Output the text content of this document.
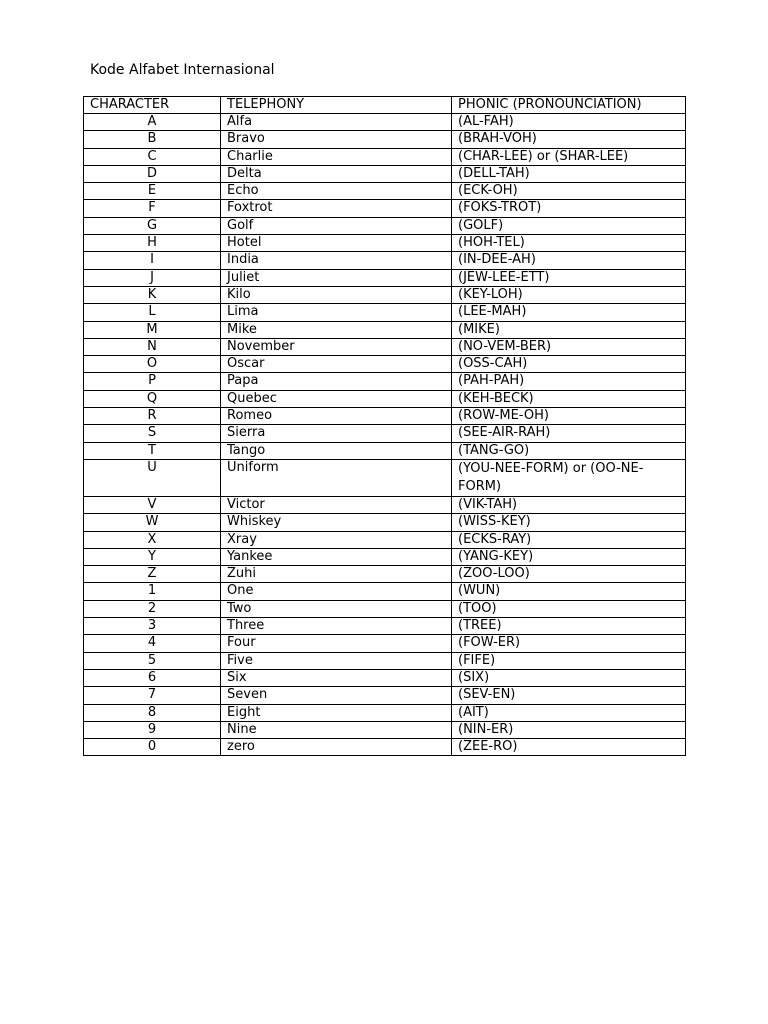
Kode Alfabet Internasional
CHARACTER	TELEPHONY	PHONIC (PRONOUNCIATION)
A	Alfa	(AL-FAH)
B	Bravo	(BRAH-VOH)
C	Charlie	(CHAR-LEE) or (SHAR-LEE)
D	Delta	(DELL-TAH)
E	Echo	(ECK-OH)
F	Foxtrot	(FOKS-TROT)
G	Golf	(GOLF)
H	Hotel	(HOH-TEL)
I	India	(IN-DEE-AH)
J	Juliet	(JEW-LEE-ETT)
K	Kilo	(KEY-LOH)
L	Lima	(LEE-MAH)
M	Mike	(MIKE)
N	November	(NO-VEM-BER)
O	Oscar	(OSS-CAH)
P	Papa	(PAH-PAH)
Q	Quebec	(KEH-BECK)
R	Romeo	(ROW-ME-OH)
S	Sierra	(SEE-AIR-RAH)
T	Tango	(TANG-GO)
U	Uniform	(YOU-NEE-FORM) or (OO-NE-FORM)
V	Victor	(VIK-TAH)
W	Whiskey	(WISS-KEY)
X	Xray	(ECKS-RAY)
Y	Yankee	(YANG-KEY)
Z	Zuhi	(ZOO-LOO)
1	One	(WUN)
2	Two	(TOO)
3	Three	(TREE)
4	Four	(FOW-ER)
5	Five	(FIFE)
6	Six	(SIX)
7	Seven	(SEV-EN)
8	Eight	(AIT)
9	Nine	(NIN-ER)
0	zero	(ZEE-RO)
